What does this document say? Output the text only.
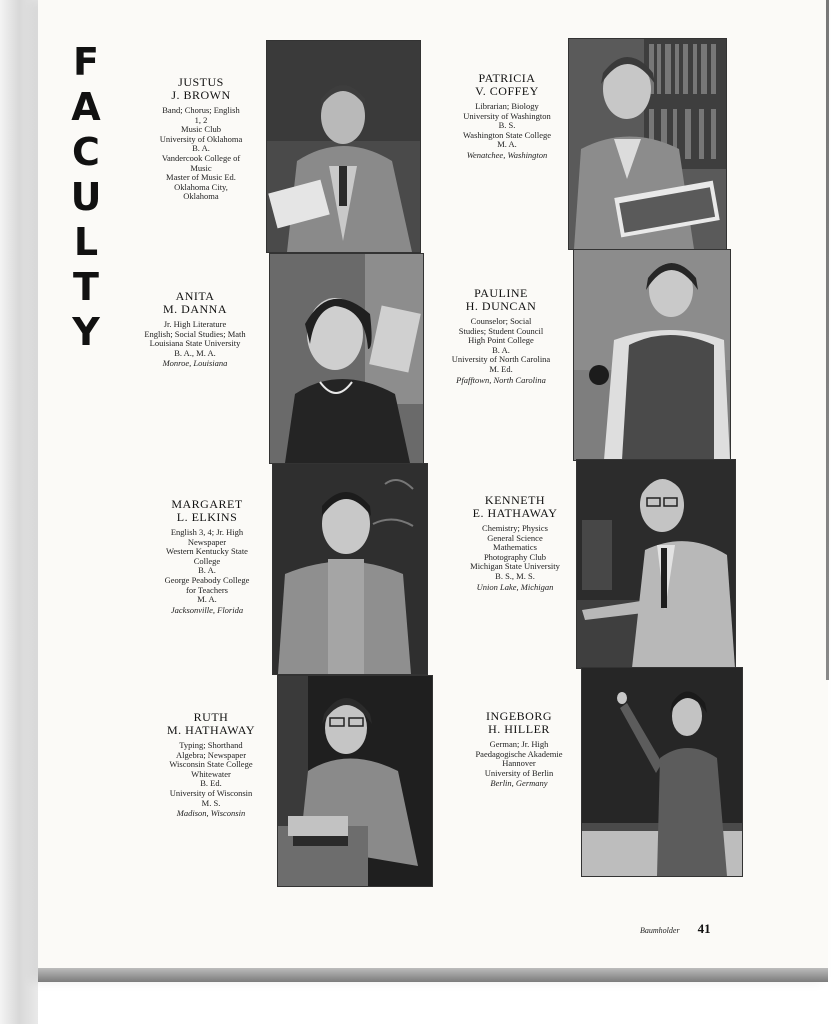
F
A
C
U
L
T
Y
JUSTUS
J. BROWN
Band; Chorus; English
1, 2
Music Club
University of Oklahoma
B. A.
Vandercook College of
Music
Master of Music Ed.
Oklahoma City,
Oklahoma
ANITA
M. DANNA
Jr. High Literature
English; Social Studies; Math
Louisiana State University
B. A., M. A.
Monroe, Louisiana
MARGARET
L. ELKINS
English 3, 4; Jr. High
Newspaper
Western Kentucky State
College
B. A.
George Peabody College
for Teachers
M. A.
Jacksonville, Florida
RUTH
M. HATHAWAY
Typing; Shorthand
Algebra; Newspaper
Wisconsin State College
Whitewater
B. Ed.
University of Wisconsin
M. S.
Madison, Wisconsin
PATRICIA
V. COFFEY
Librarian; Biology
University of Washington
B. S.
Washington State College
M. A.
Wenatchee, Washington
PAULINE
H. DUNCAN
Counselor; Social
Studies; Student Council
High Point College
B. A.
University of North Carolina
M. Ed.
Pfafftown, North Carolina
KENNETH
E. HATHAWAY
Chemistry; Physics
General Science
Mathematics
Photography Club
Michigan State University
B. S., M. S.
Union Lake, Michigan
INGEBORG
H. HILLER
German; Jr. High
Paedagogische Akademie
Hannover
University of Berlin
Berlin, Germany
Baumholder 41
